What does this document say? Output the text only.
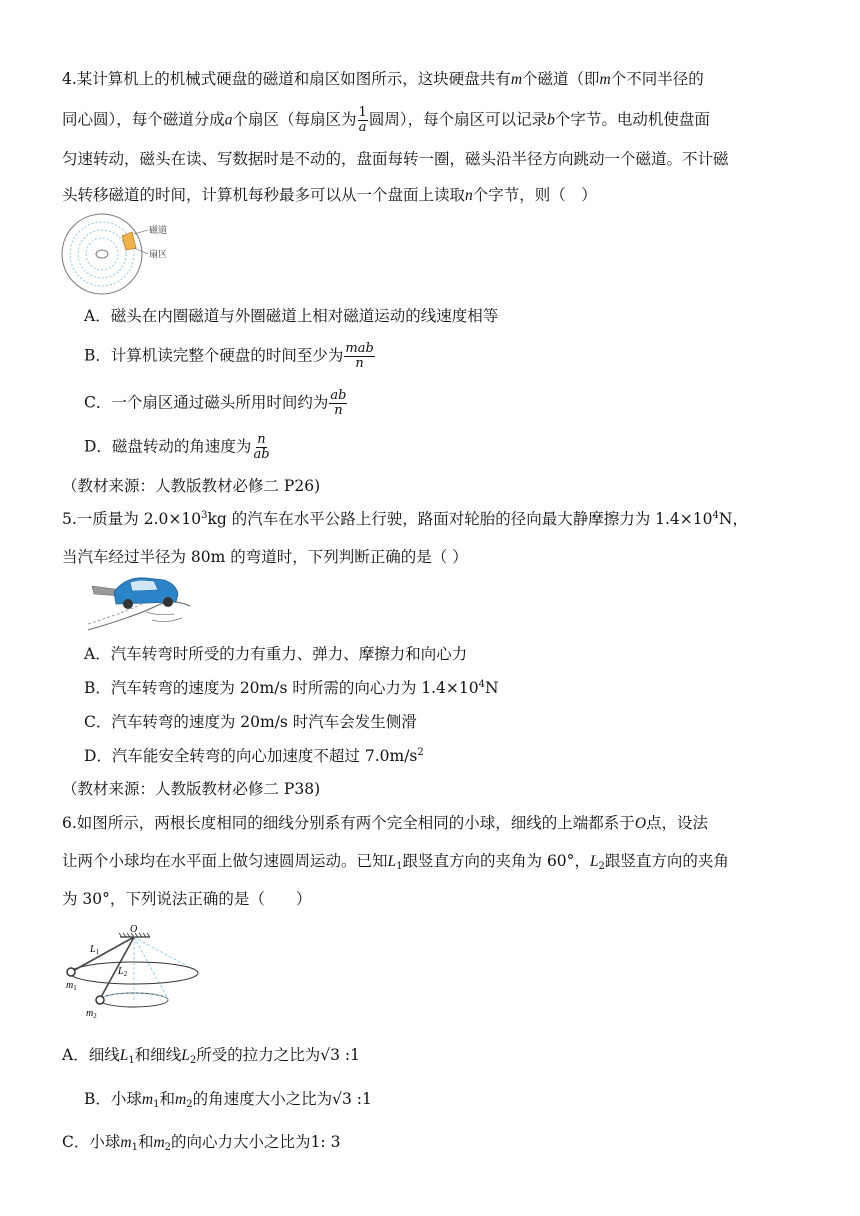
4.某计算机上的机械式硬盘的磁道和扇区如图所示，这块硬盘共有m个磁道（即m个不同半径的
同心圆），每个磁道分成a个扇区（每扇区为 $\frac{1}{a}$ 圆周），每个扇区可以记录b个字节。电动机使盘面
匀速转动，磁头在读、写数据时是不动的，盘面每转一圈，磁头沿半径方向跳动一个磁道。不计磁
头转移磁道的时间，计算机每秒最多可以从一个盘面上读取n个字节，则（　）
磁道
扇区
A．磁头在内圈磁道与外圈磁道上相对磁道运动的线速度相等
B．计算机读完整个硬盘的时间至少为 $\frac{\text{mab}}{n}$
C．一个扇区通过磁头所用时间约为 $\frac{ab}{n}$
D．磁盘转动的角速度为 $\frac{n}{ab}$
（教材来源：人教版教材必修二 P26)
5.一质量为 $2.0\times 10^3kg$ 的汽车在水平公路上行驶，路面对轮胎的径向最大静摩擦力为 $1.4\times 10^4N$，
当汽车经过半径为 80m 的弯道时，下列判断正确的是（ ）
A．汽车转弯时所受的力有重力、弹力、摩擦力和向心力
B．汽车转弯的速度为 20m/s 时所需的向心力为 $1.4\times 10^4N$
C．汽车转弯的速度为 20m/s 时汽车会发生侧滑
D．汽车能安全转弯的向心加速度不超过 $7.0m/s^2$
（教材来源：人教版教材必修二 P38)
6.如图所示，两根长度相同的细线分别系有两个完全相同的小球，细线的上端都系于O点，设法
让两个小球均在水平面上做匀速圆周运动。已知$L_1$跟竖直方向的夹角为 60°，$L_2$跟竖直方向的夹角
为 30°，下列说法正确的是（　　）
O
$L_1$
$L_2$
$m_1$
$m_2$
A．细线$L_1$和细线$L_2$所受的拉力之比为√3 :1
B．小球$m_1$和$m_2$的角速度大小之比为√3 :1
C．小球$m_1$和$m_2$的向心力大小之比为1: 3
